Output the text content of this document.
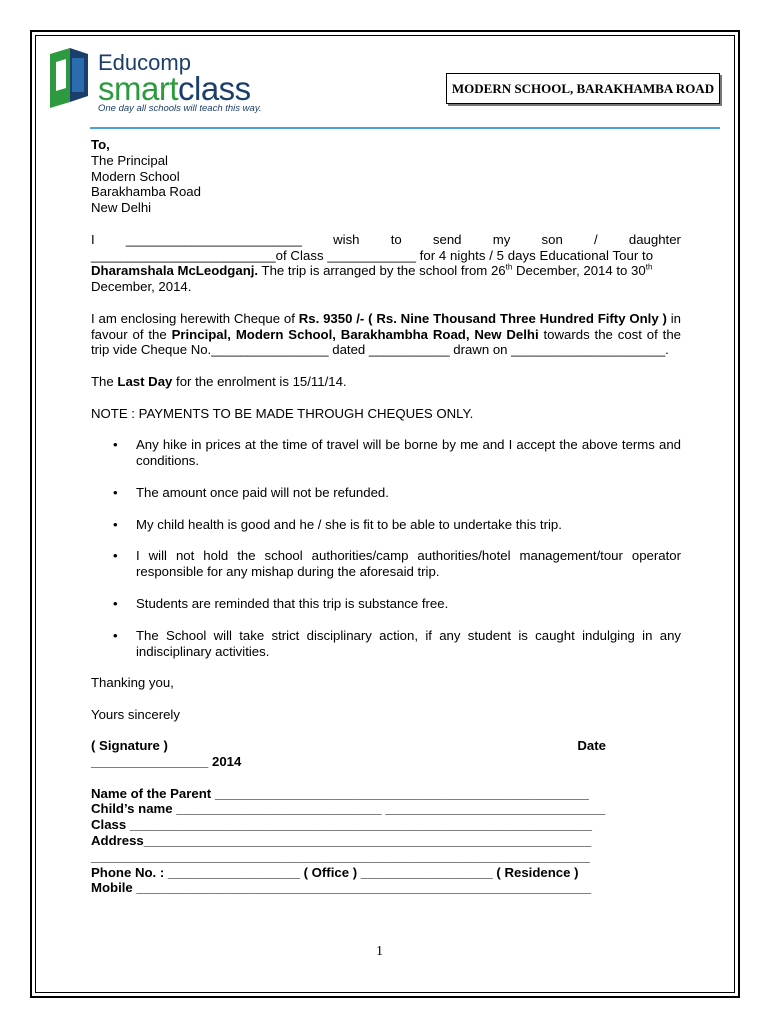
Educomp
smartclass
One day all schools will teach this way.
MODERN SCHOOL, BARAKHAMBA ROAD

To,

The Principal

Modern School

Barakhamba Road

New Delhi

I ________________________ wish to send my son / daughter

_________________________of Class ____________ for 4 nights / 5 days Educational Tour to

Dharamshala McLeodganj. The trip is arranged by the school from 26th December, 2014 to 30th

December, 2014.

I am enclosing herewith Cheque of Rs. 9350 /- ( Rs. Nine Thousand Three Hundred Fifty Only ) in favour of the Principal, Modern School, Barakhambha Road, New Delhi towards the cost of the trip vide Cheque No.________________ dated ___________ drawn on _____________________.

The Last Day for the enrolment is 15/11/14.

NOTE : PAYMENTS TO BE MADE THROUGH CHEQUES ONLY.

• Any hike in prices at the time of travel will be borne by me and I accept the above terms and conditions.
• The amount once paid will not be refunded.
• My child health is good and he / she is fit to be able to undertake this trip.
• I will not hold the school authorities/camp authorities/hotel management/tour operator responsible for any mishap during the aforesaid trip.
• Students are reminded that this trip is substance free.
• The School will take strict disciplinary action, if any student is caught indulging in any indisciplinary activities.

Thanking you,

Yours sincerely

( Signature )	Date

________________ 2014

Name of the Parent ___________________________________________________

Child’s name ____________________________ ______________________________

Class _______________________________________________________________

Address_____________________________________________________________

____________________________________________________________________

Phone No. : __________________ ( Office ) __________________ ( Residence )

Mobile ______________________________________________________________

1
